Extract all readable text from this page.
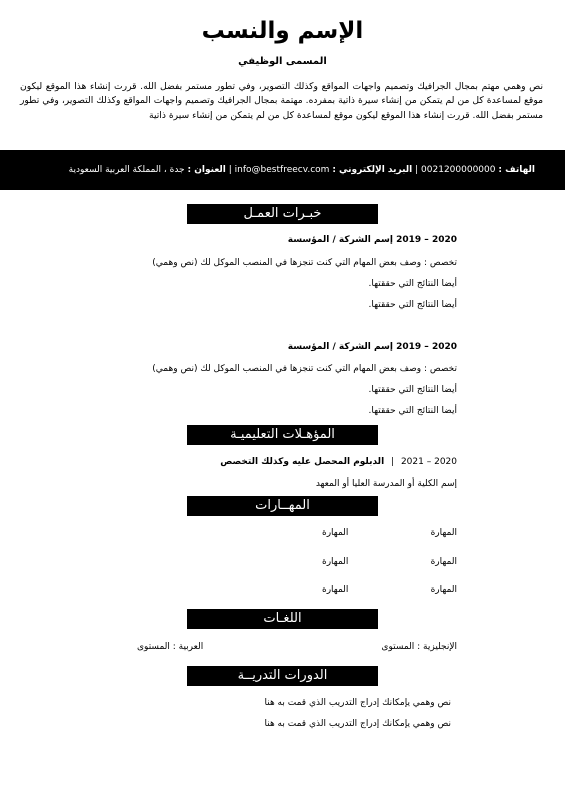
الإسم والنسب
المسمى الوظيفي
نص وهمي مهتم بمجال الجرافيك وتصميم واجهات المواقع وكذلك التصوير، وفي تطور مستمر بفضل الله. قررت إنشاء هذا الموقع ليكون موقع لمساعدة كل من لم يتمكن من إنشاء سيرة ذاتية بمفرده. مهتمة بمجال الجرافيك وتصميم واجهات المواقع وكذلك التصوير، وفي تطور مستمر بفضل الله. قررت إنشاء هذا الموقع ليكون موقع لمساعدة كل من لم يتمكن من إنشاء سيرة ذاتية
الهاتف : 0021200000000 | البريد الإلكتروني : info@bestfreecv.com | العنوان : جدة ، المملكة العربية السعودية
خبـرات العمـل
2020 – 2019 إسم الشركة / المؤسسة
تخصص : وصف بعض المهام التي كنت تنجزها في المنصب الموكل لك (نص وهمي)
أيضا النتائج التي حققتها.
أيضا النتائج التي حققتها.
2020 – 2019 إسم الشركة / المؤسسة
تخصص : وصف بعض المهام التي كنت تنجزها في المنصب الموكل لك (نص وهمي)
أيضا النتائج التي حققتها.
أيضا النتائج التي حققتها.
المؤهـلات التعليميـة
2020 – 2021 | الدبلوم المحصل عليه وكذلك التخصص
إسم الكلية أو المدرسة العليا أو المعهد
المهــارات
المهارة
المهارة
المهارة
المهارة
المهارة
المهارة
اللغـات
الإنجليزية : المستوى
العربية : المستوى
الدورات التدريــة
نص وهمي يإمكانك إدراج التدريب الذي قمت به هنا
نص وهمي يإمكانك إدراج التدريب الذي قمت به هنا
